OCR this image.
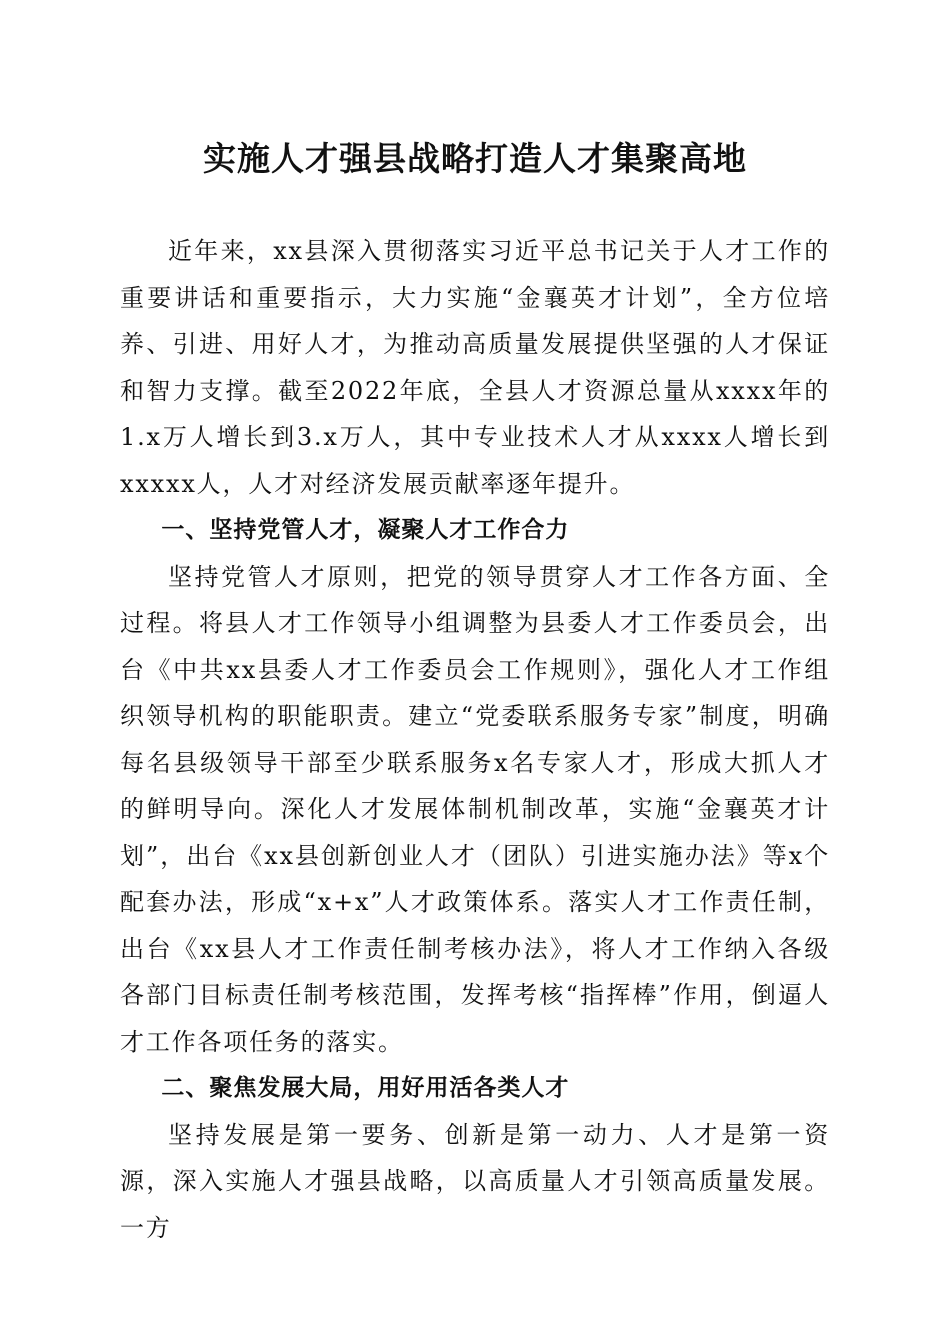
实施人才强县战略打造人才集聚高地

近年来，xx县深入贯彻落实习近平总书记关于人才工作的重要讲话和重要指示，大力实施“金襄英才计划”，全方位培养、引进、用好人才，为推动高质量发展提供坚强的人才保证和智力支撑。截至2022年底，全县人才资源总量从xxxx年的1.x万人增长到3.x万人，其中专业技术人才从xxxx人增长到xxxxx人，人才对经济发展贡献率逐年提升。

一、坚持党管人才，凝聚人才工作合力

坚持党管人才原则，把党的领导贯穿人才工作各方面、全过程。将县人才工作领导小组调整为县委人才工作委员会，出台《中共xx县委人才工作委员会工作规则》，强化人才工作组织领导机构的职能职责。建立“党委联系服务专家”制度，明确每名县级领导干部至少联系服务x名专家人才，形成大抓人才的鲜明导向。深化人才发展体制机制改革，实施“金襄英才计划”，出台《xx县创新创业人才（团队）引进实施办法》等x个配套办法，形成“x+x”人才政策体系。落实人才工作责任制，出台《xx县人才工作责任制考核办法》，将人才工作纳入各级各部门目标责任制考核范围，发挥考核“指挥棒”作用，倒逼人才工作各项任务的落实。

二、聚焦发展大局，用好用活各类人才

坚持发展是第一要务、创新是第一动力、人才是第一资源，深入实施人才强县战略，以高质量人才引领高质量发展。一方
